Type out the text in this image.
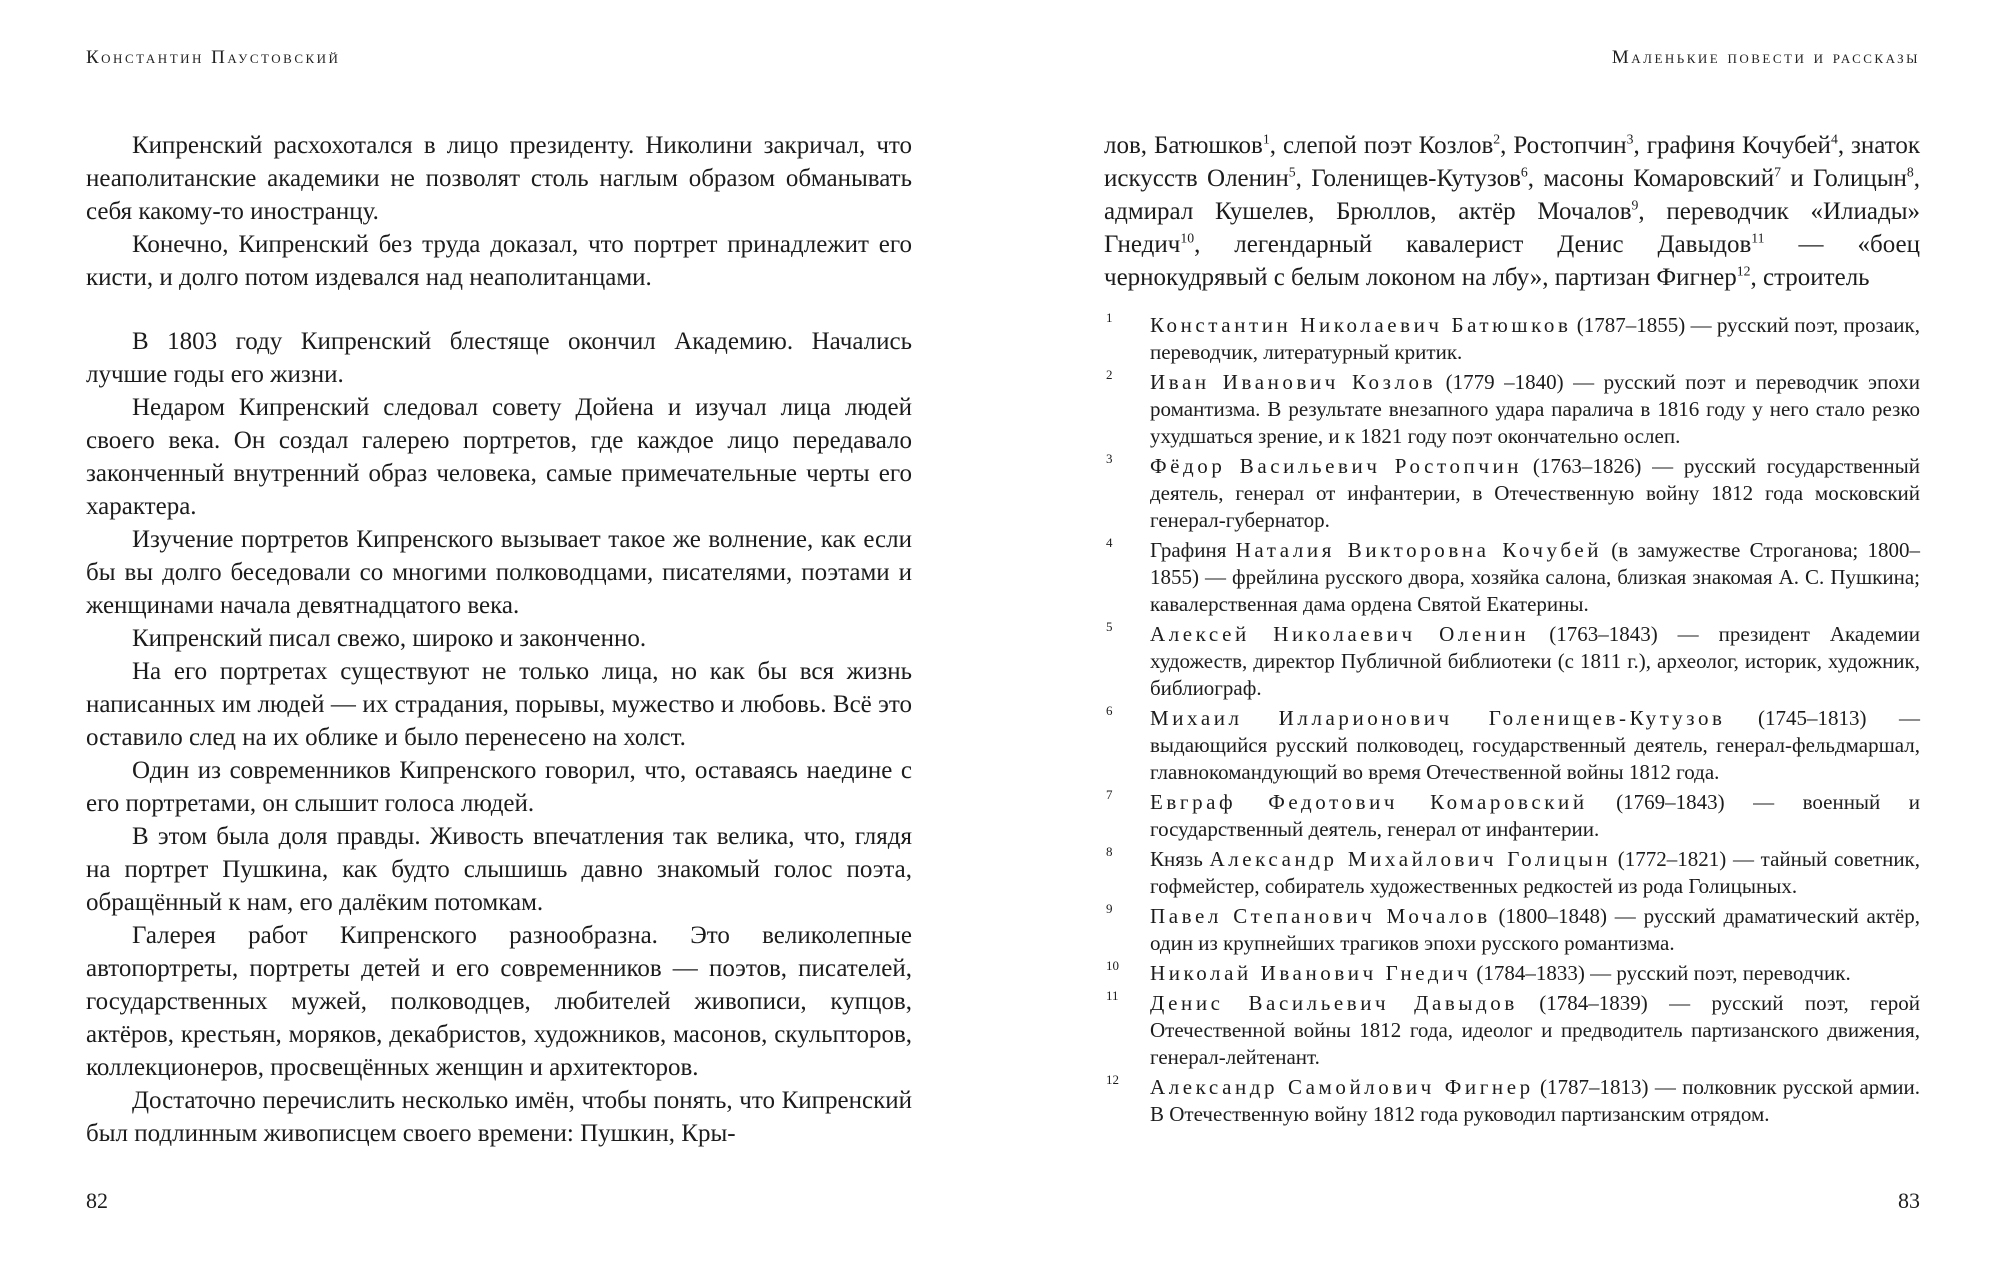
Константин Паустовский	Маленькие повести и рассказы

Кипренский расхохотался в лицо президенту. Николини закричал, что неаполитанские академики не позволят столь наглым образом обманывать себя какому-то иностранцу.

Конечно, Кипренский без труда доказал, что портрет принадлежит его кисти, и долго потом издевался над неаполитанцами.

В 1803 году Кипренский блестяще окончил Академию. Начались лучшие годы его жизни.

Недаром Кипренский следовал совету Дойена и изучал лица людей своего века. Он создал галерею портретов, где каждое лицо передавало законченный внутренний образ человека, самые примечательные черты его характера.

Изучение портретов Кипренского вызывает такое же волнение, как если бы вы долго беседовали со многими полководцами, писателями, поэтами и женщинами начала девятнадцатого века.

Кипренский писал свежо, широко и законченно.

На его портретах существуют не только лица, но как бы вся жизнь написанных им людей — их страдания, порывы, мужество и любовь. Всё это оставило след на их облике и было перенесено на холст.

Один из современников Кипренского говорил, что, оставаясь наедине с его портретами, он слышит голоса людей.

В этом была доля правды. Живость впечатления так велика, что, глядя на портрет Пушкина, как будто слышишь давно знакомый голос поэта, обращённый к нам, его далёким потомкам.

Галерея работ Кипренского разнообразна. Это великолепные автопортреты, портреты детей и его современников — поэтов, писателей, государственных мужей, полководцев, любителей живописи, купцов, актёров, крестьян, моряков, декабристов, художников, масонов, скульпторов, коллекционеров, просвещённых женщин и архитекторов.

Достаточно перечислить несколько имён, чтобы понять, что Кипренский был подлинным живописцем своего времени: Пушкин, Кры-

лов, Батюшков$^1$, слепой поэт Козлов$^2$, Ростопчин$^3$, графиня Кочубей$^4$, знаток искусств Оленин$^5$, Голенищев-Кутузов$^6$, масоны Комаровский$^7$ и Голицын$^8$, адмирал Кушелев, Брюллов, актёр Мочалов$^9$, переводчик «Илиады» Гнедич$^{10}$, легендарный кавалерист Денис Давыдов$^{11}$ — «боец чернокудрявый с белым локоном на лбу», партизан Фигнер$^{12}$, строитель

1 Константин Николаевич Батюшков (1787–1855) — русский поэт, прозаик, переводчик, литературный критик.
2 Иван Иванович Козлов (1779 –1840) — русский поэт и переводчик эпохи романтизма. В результате внезапного удара паралича в 1816 году у него стало резко ухудшаться зрение, и к 1821 году поэт окончательно ослеп.
3 Фёдор Васильевич Ростопчин (1763–1826) — русский государственный деятель, генерал от инфантерии, в Отечественную войну 1812 года московский генерал-губернатор.
4 Графиня Наталия Викторовна Кочубей (в замужестве Строганова; 1800–1855) — фрейлина русского двора, хозяйка салона, близкая знакомая А. С. Пушкина; кавалерственная дама ордена Святой Екатерины.
5 Алексей Николаевич Оленин (1763–1843) — президент Академии художеств, директор Публичной библиотеки (с 1811 г.), археолог, историк, художник, библиограф.
6 Михаил Илларионович Голенищев-Кутузов (1745–1813) — выдающийся русский полководец, государственный деятель, генерал-фельдмаршал, главнокомандующий во время Отечественной войны 1812 года.
7 Евграф Федотович Комаровский (1769–1843) — военный и государственный деятель, генерал от инфантерии.
8 Князь Александр Михайлович Голицын (1772–1821) — тайный советник, гофмейстер, собиратель художественных редкостей из рода Голицыных.
9 Павел Степанович Мочалов (1800–1848) — русский драматический актёр, один из крупнейших трагиков эпохи русского романтизма.
10 Николай Иванович Гнедич (1784–1833) — русский поэт, переводчик.
11 Денис Васильевич Давыдов (1784–1839) — русский поэт, герой Отечественной войны 1812 года, идеолог и предводитель партизанского движения, генерал-лейтенант.
12 Александр Самойлович Фигнер (1787–1813) — полковник русской армии. В Отечественную войну 1812 года руководил партизанским отрядом.
82	83
